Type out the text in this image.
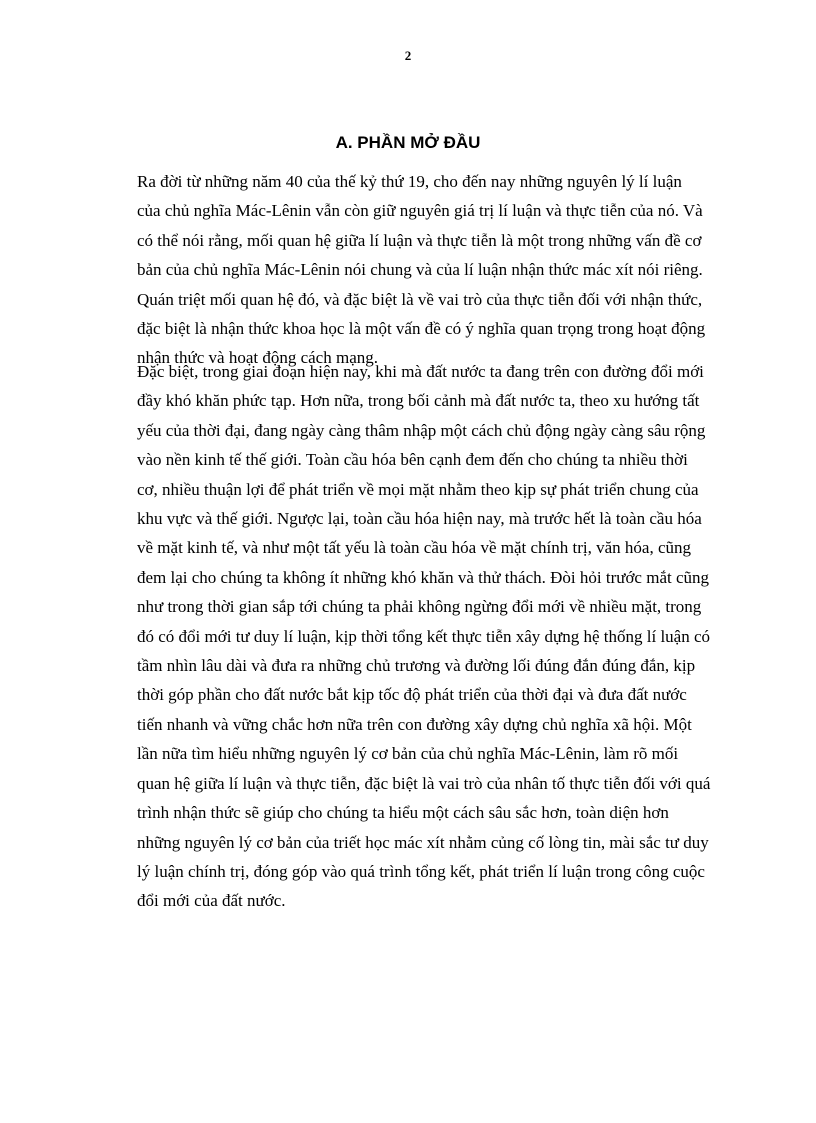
2
A. PHẦN MỞ ĐẦU
Ra đời từ những năm 40 của thế kỷ thứ 19, cho đến nay những nguyên lý lí luận
của chủ nghĩa Mác-Lênin vẫn còn giữ nguyên giá trị lí luận và thực tiễn của nó. Và
có thể nói rằng, mối quan hệ giữa lí luận và thực tiễn là một trong những vấn đề cơ
bản của chủ nghĩa Mác-Lênin nói chung và của lí luận nhận thức mác xít nói riêng.
Quán triệt mối quan hệ đó, và đặc biệt là về vai trò của thực tiễn đối với nhận thức,
đặc biệt là nhận thức khoa học là một vấn đề có ý nghĩa quan trọng trong hoạt động
nhận thức và hoạt động cách mạng.
Đặc biệt, trong giai đoạn hiện nay, khi mà đất nước ta đang trên con đường đổi mới
đầy khó khăn phức tạp. Hơn nữa, trong bối cảnh mà đất nước ta, theo xu hướng tất
yếu của thời đại, đang ngày càng thâm nhập một cách chủ động ngày càng sâu rộng
vào nền kinh tế thế giới. Toàn cầu hóa bên cạnh đem đến cho chúng ta nhiều thời
cơ, nhiều thuận lợi để phát triển về mọi mặt nhằm theo kịp sự phát triển chung của
khu vực và thế giới. Ngược lại, toàn cầu hóa hiện nay, mà trước hết là toàn cầu hóa
về mặt kinh tế, và như một tất yếu là toàn cầu hóa về mặt chính trị, văn hóa, cũng
đem lại cho chúng ta không ít những khó khăn và thử thách. Đòi hỏi trước mắt cũng
như trong thời gian sắp tới chúng ta phải không ngừng đổi mới về nhiều mặt, trong
đó có đổi mới tư duy lí luận, kịp thời tổng kết thực tiễn xây dựng hệ thống lí luận có
tầm nhìn lâu dài và đưa ra những chủ trương và đường lối đúng đắn đúng đắn, kịp
thời góp phần cho đất nước bắt kịp tốc độ phát triển của thời đại và đưa đất nước
tiến nhanh và vững chắc hơn nữa trên con đường xây dựng chủ nghĩa xã hội. Một
lần nữa tìm hiểu những nguyên lý cơ bản của chủ nghĩa Mác-Lênin, làm rõ mối
quan hệ giữa lí luận và thực tiễn, đặc biệt là vai trò của nhân tố thực tiễn đối với quá
trình nhận thức sẽ giúp cho chúng ta hiểu một cách sâu sắc hơn, toàn diện hơn
những nguyên lý cơ bản của triết học mác xít nhằm củng cố lòng tin, mài sắc tư duy
lý luận chính trị, đóng góp vào quá trình tổng kết, phát triển lí luận trong công cuộc
đổi mới của đất nước.
